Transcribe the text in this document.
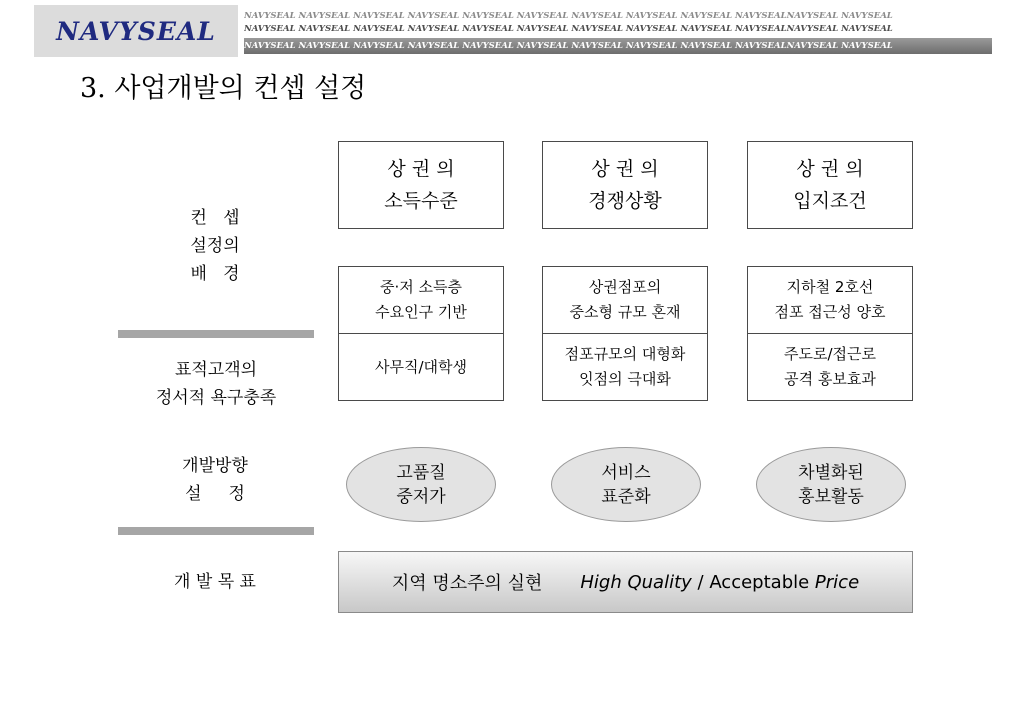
NAVYSEAL
NAVYSEAL NAVYSEAL NAVYSEAL NAVYSEAL NAVYSEAL NAVYSEAL NAVYSEAL NAVYSEAL NAVYSEAL NAVYSEALNAVYSEAL NAVYSEAL
NAVYSEAL NAVYSEAL NAVYSEAL NAVYSEAL NAVYSEAL NAVYSEAL NAVYSEAL NAVYSEAL NAVYSEAL NAVYSEALNAVYSEAL NAVYSEAL
NAVYSEAL NAVYSEAL NAVYSEAL NAVYSEAL NAVYSEAL NAVYSEAL NAVYSEAL NAVYSEAL NAVYSEAL NAVYSEALNAVYSEAL NAVYSEAL
3. 사업개발의 컨셉 설정
컨   셉
설정의
배   경
표적고객의
정서적 욕구충족
개발방향
설     정
개 발 목 표
상 권 의
소득수준
중·저 소득층
수요인구 기반
사무직/대학생
고품질
중저가
상 권 의
경쟁상황
상권점포의
중소형 규모 혼재
점포규모의 대형화
잇점의 극대화
서비스
표준화
상 권 의
입지조건
지하철 2호선
점포 접근성 양호
주도로/접근로
공격 홍보효과
차별화된
홍보활동
지역 명소주의 실현 High Quality / Acceptable Price
